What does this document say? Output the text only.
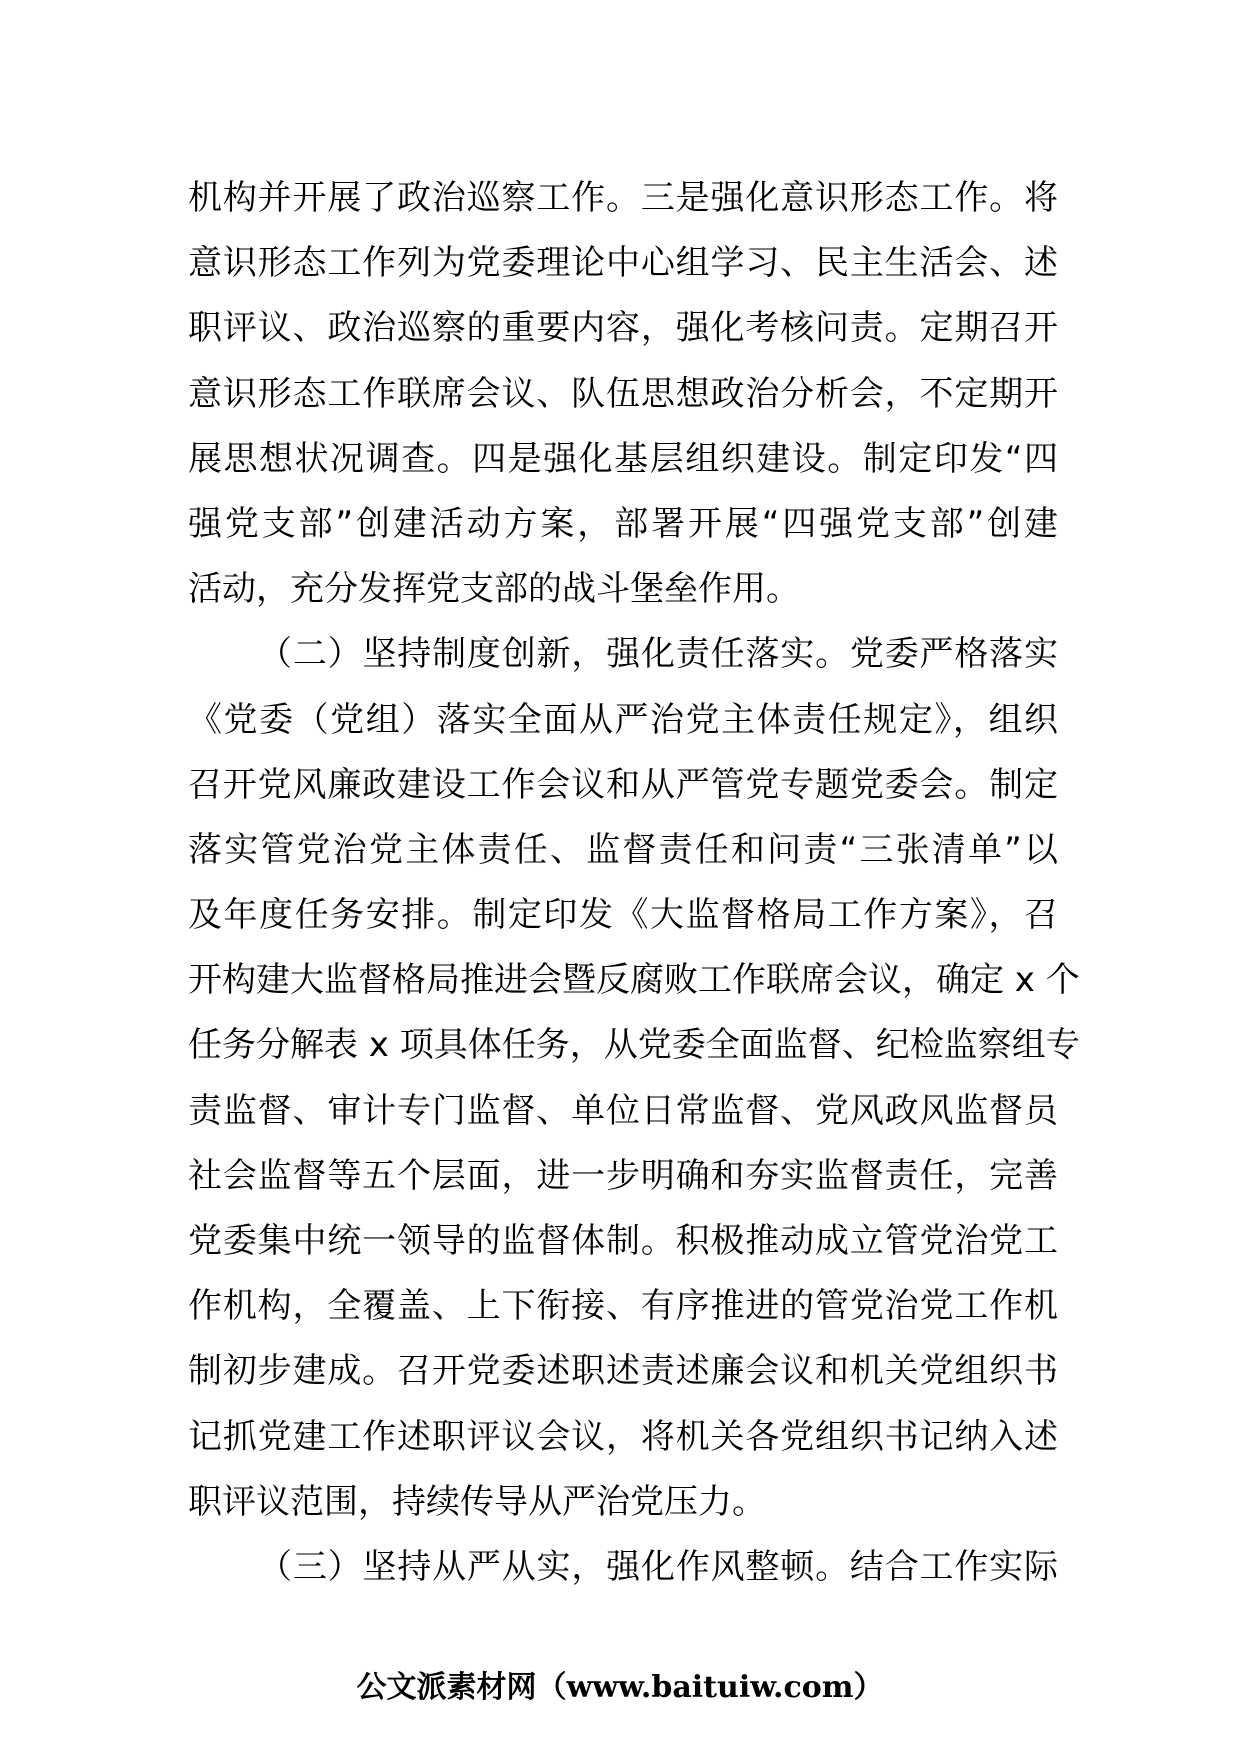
机构并开展了政治巡察工作。三是强化意识形态工作。将
意识形态工作列为党委理论中心组学习、民主生活会、述
职评议、政治巡察的重要内容，强化考核问责。定期召开
意识形态工作联席会议、队伍思想政治分析会，不定期开
展思想状况调查。四是强化基层组织建设。制定印发“四
强党支部”创建活动方案，部署开展“四强党支部”创建
活动，充分发挥党支部的战斗堡垒作用。
（二）坚持制度创新，强化责任落实。党委严格落实
《党委（党组）落实全面从严治党主体责任规定》，组织
召开党风廉政建设工作会议和从严管党专题党委会。制定
落实管党治党主体责任、监督责任和问责“三张清单”以
及年度任务安排。制定印发《大监督格局工作方案》，召
开构建大监督格局推进会暨反腐败工作联席会议，确定 x 个
任务分解表 x 项具体任务，从党委全面监督、纪检监察组专
责监督、审计专门监督、单位日常监督、党风政风监督员
社会监督等五个层面，进一步明确和夯实监督责任，完善
党委集中统一领导的监督体制。积极推动成立管党治党工
作机构，全覆盖、上下衔接、有序推进的管党治党工作机
制初步建成。召开党委述职述责述廉会议和机关党组织书
记抓党建工作述职评议会议，将机关各党组织书记纳入述
职评议范围，持续传导从严治党压力。
（三）坚持从严从实，强化作风整顿。结合工作实际
公文派素材网（www.baituiw.com）
